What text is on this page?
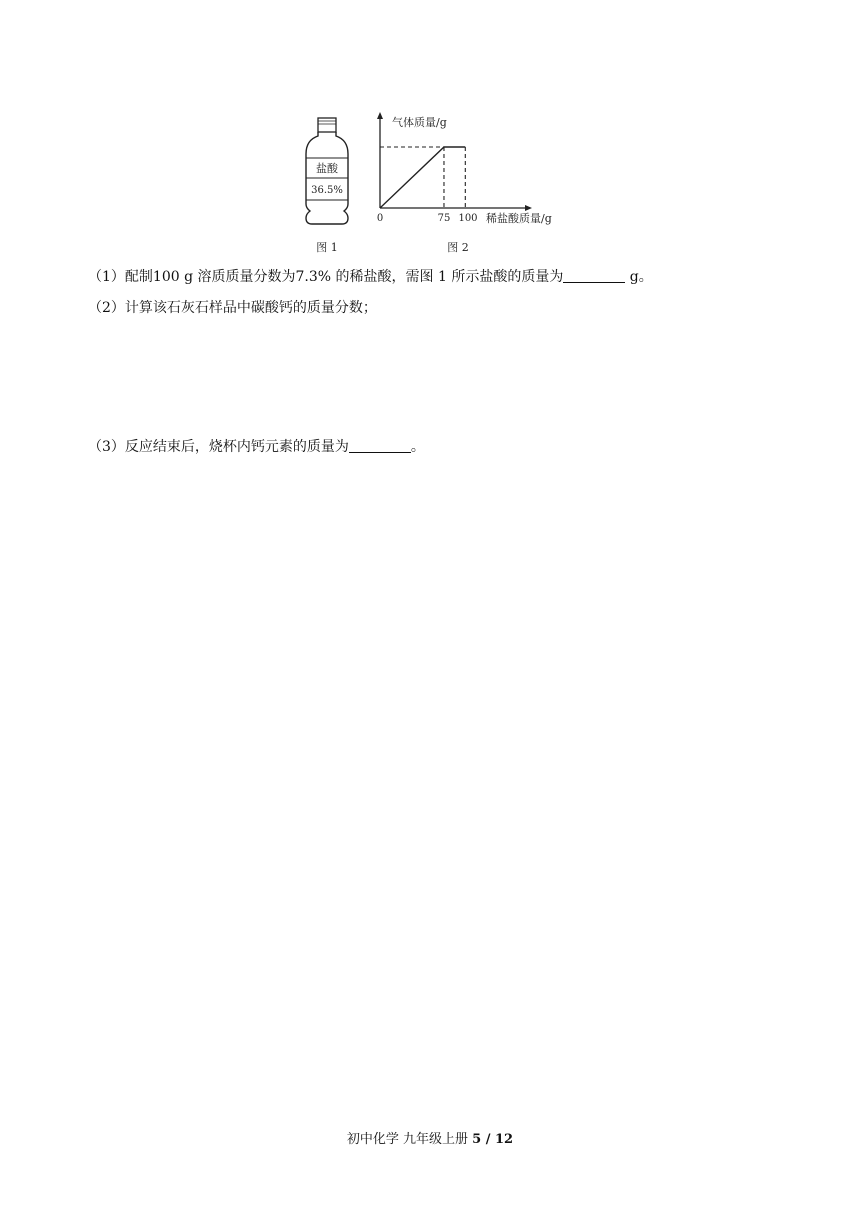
盐酸
36.5%
图 1
气体质量/g
稀盐酸质量/g
0	75 100
图 2
（1）配制100 g 溶质质量分数为7.3% 的稀盐酸，需图 1 所示盐酸的质量为	g。
（2）计算该石灰石样品中碳酸钙的质量分数；
（3）反应结束后，烧杯内钙元素的质量为	。
初中化学 九年级上册 5 / 12
